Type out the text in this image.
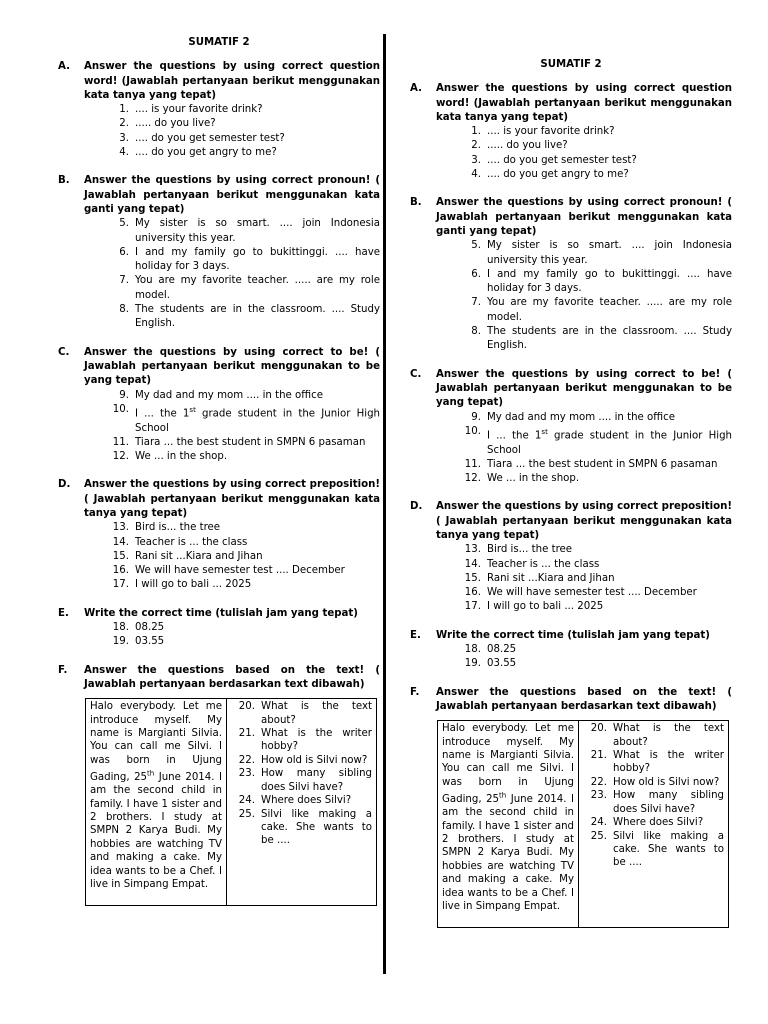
SUMATIF 2
A.	Answer the questions by using correct question word! (Jawablah pertanyaan berikut menggunakan kata tanya yang tepat)
1. .... is your favorite drink?
2. ..... do you live?
3. .... do you get semester test?
4. .... do you get angry to me?
B.	Answer the questions by using correct pronoun! ( Jawablah pertanyaan berikut menggunakan kata ganti yang tepat)
5. My sister is so smart. .... join Indonesia university this year.
6. I and my family go to bukittinggi. .... have holiday for 3 days.
7. You are my favorite teacher. ..... are my role model.
8. The students are in the classroom. .... Study English.
C.	Answer the questions by using correct to be! ( Jawablah pertanyaan berikut menggunakan to be yang tepat)
9. My dad and my mom .... in the office
10. I ... the 1st grade student in the Junior High School
11. Tiara ... the best student in SMPN 6 pasaman
12. We ... in the shop.
D.	Answer the questions by using correct preposition! ( Jawablah pertanyaan berikut menggunakan kata tanya yang tepat)
13. Bird is... the tree
14. Teacher is ... the class
15. Rani sit ...Kiara and Jihan
16. We will have semester test .... December
17. I will go to bali ... 2025
E.	Write the correct time (tulislah jam yang tepat)
18. 08.25
19. 03.55
F.	Answer the questions based on the text! ( Jawablah pertanyaan berdasarkan text dibawah)
Halo everybody. Let me introduce myself. My name is Margianti Silvia. You can call me Silvi. I was born in Ujung Gading, 25th June 2014. I am the second child in family. I have 1 sister and 2 brothers. I study at SMPN 2 Karya Budi. My hobbies are watching TV and making a cake. My idea wants to be a Chef. I live in Simpang Empat.	
20. What is the text about?
21. What is the writer hobby?
22. How old is Silvi now?
23. How many sibling does Silvi have?
24. Where does Silvi?
25. Silvi like making a cake. She wants to be ....
SUMATIF 2
A.	Answer the questions by using correct question word! (Jawablah pertanyaan berikut menggunakan kata tanya yang tepat)
1. .... is your favorite drink?
2. ..... do you live?
3. .... do you get semester test?
4. .... do you get angry to me?
B.	Answer the questions by using correct pronoun! ( Jawablah pertanyaan berikut menggunakan kata ganti yang tepat)
5. My sister is so smart. .... join Indonesia university this year.
6. I and my family go to bukittinggi. .... have holiday for 3 days.
7. You are my favorite teacher. ..... are my role model.
8. The students are in the classroom. .... Study English.
C.	Answer the questions by using correct to be! ( Jawablah pertanyaan berikut menggunakan to be yang tepat)
9. My dad and my mom .... in the office
10. I ... the 1st grade student in the Junior High School
11. Tiara ... the best student in SMPN 6 pasaman
12. We ... in the shop.
D.	Answer the questions by using correct preposition! ( Jawablah pertanyaan berikut menggunakan kata tanya yang tepat)
13. Bird is... the tree
14. Teacher is ... the class
15. Rani sit ...Kiara and Jihan
16. We will have semester test .... December
17. I will go to bali ... 2025
E.	Write the correct time (tulislah jam yang tepat)
18. 08.25
19. 03.55
F.	Answer the questions based on the text! ( Jawablah pertanyaan berdasarkan text dibawah)
Halo everybody. Let me introduce myself. My name is Margianti Silvia. You can call me Silvi. I was born in Ujung Gading, 25th June 2014. I am the second child in family. I have 1 sister and 2 brothers. I study at SMPN 2 Karya Budi. My hobbies are watching TV and making a cake. My idea wants to be a Chef. I live in Simpang Empat.	
20. What is the text about?
21. What is the writer hobby?
22. How old is Silvi now?
23. How many sibling does Silvi have?
24. Where does Silvi?
25. Silvi like making a cake. She wants to be ....
